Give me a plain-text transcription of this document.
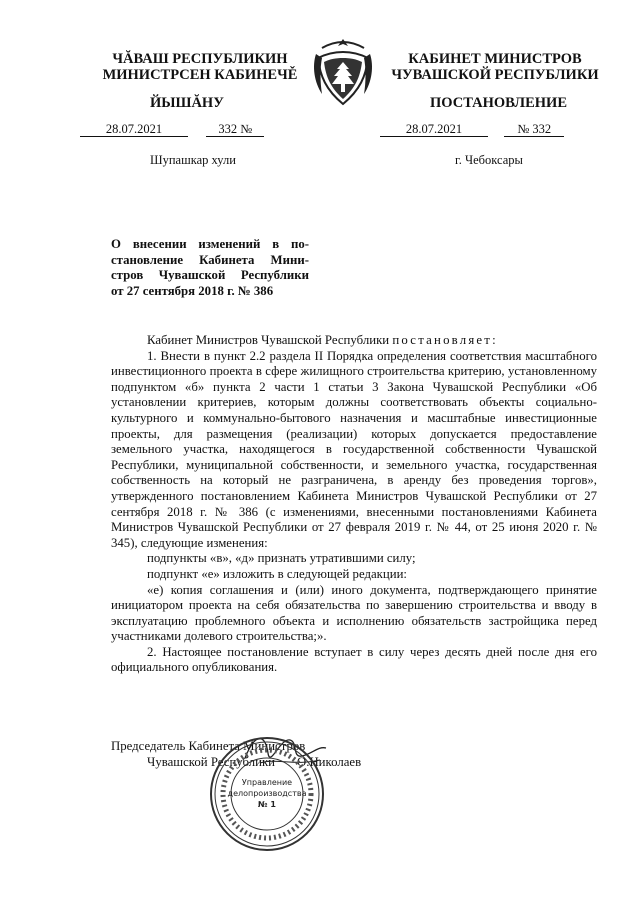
ЧĂВАШ РЕСПУБЛИКИН
МИНИСТРСЕН КАБИНЕЧĚ
ЙЫШĂНУ
28.07.2021	332 №
Шупашкар хули
КАБИНЕТ МИНИСТРОВ
ЧУВАШСКОЙ РЕСПУБЛИКИ
ПОСТАНОВЛЕНИЕ
28.07.2021	№ 332
г. Чебоксары
О внесении изменений в по-
становление Кабинета Мини-
стров Чувашской Республики
от 27 сентября 2018 г. № 386

Кабинет Министров Чувашской Республики постановляет:

1. Внести в пункт 2.2 раздела II Порядка определения соответствия масштабного инвестиционного проекта в сфере жилищного строительства критерию, установленному подпунктом «б» пункта 2 части 1 статьи 3 Закона Чувашской Республики «Об установлении критериев, которым должны соответствовать объекты социально-культурного и коммунально-бытового назначения и масштабные инвестиционные проекты, для размещения (реализации) которых допускается предоставление земельного участка, находящегося в государственной собственности Чувашской Республики, муниципальной собственности, и земельного участка, государственная собственность на который не разграничена, в аренду без проведения торгов», утвержденного постановлением Кабинета Министров Чувашской Республики от 27 сентября 2018 г. № 386 (с изменениями, внесенными постановлениями Кабинета Министров Чувашской Республики от 27 февраля 2019 г. № 44, от 25 июня 2020 г. № 345), следующие изменения:

подпункты «в», «д» признать утратившими силу;

подпункт «е» изложить в следующей редакции:

«е) копия соглашения и (или) иного документа, подтверждающего принятие инициатором проекта на себя обязательства по завершению строительства и вводу в эксплуатацию проблемного объекта и исполнению обязательств застройщика перед участниками долевого строительства;».

2. Настоящее постановление вступает в силу через десять дней после дня его официального опубликования.

Председатель Кабинета Министров
Чувашской Республики О.Николаев
Управление
делопроизводства
№ 1
